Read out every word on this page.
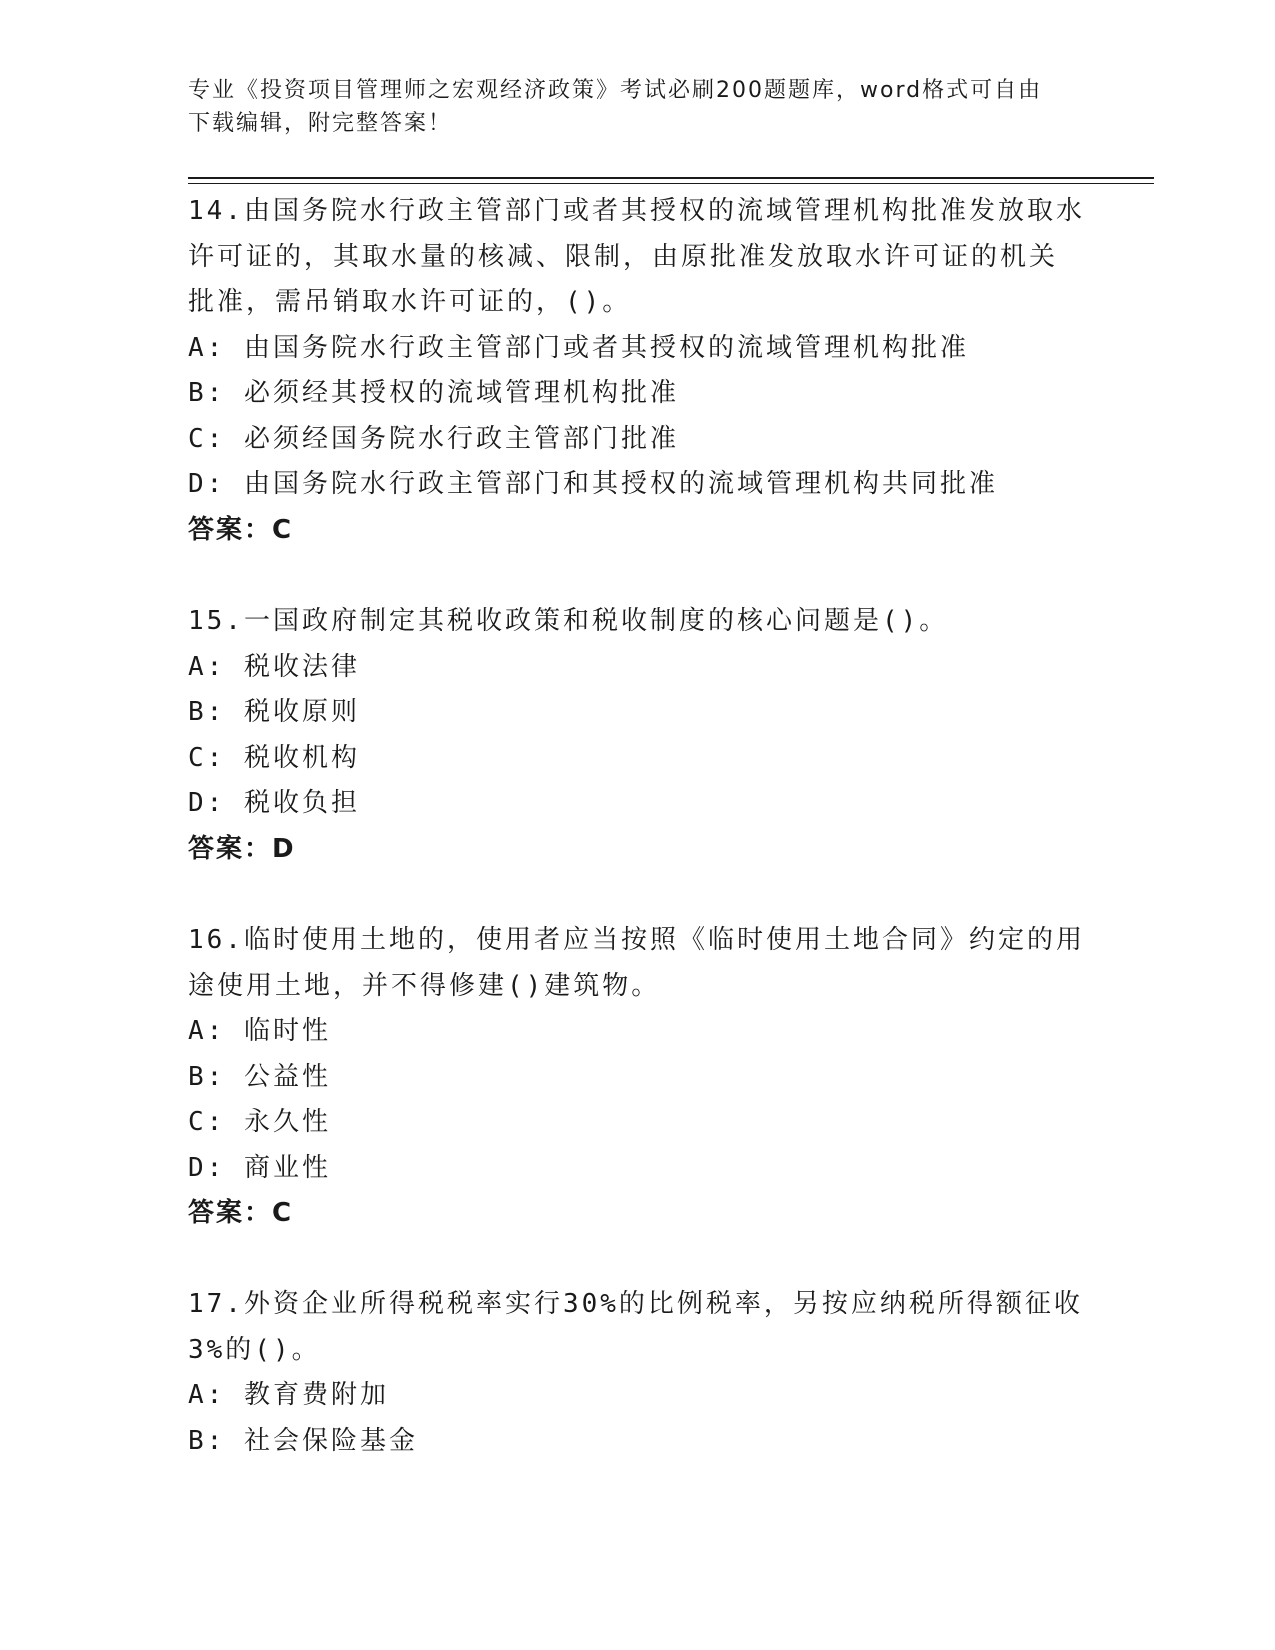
专业《投资项目管理师之宏观经济政策》考试必刷200题题库，word格式可自由
下载编辑，附完整答案！
14.由国务院水行政主管部门或者其授权的流域管理机构批准发放取水
许可证的，其取水量的核减、限制，由原批准发放取水许可证的机关
批准，需吊销取水许可证的，()。
A: 由国务院水行政主管部门或者其授权的流域管理机构批准
B: 必须经其授权的流域管理机构批准
C: 必须经国务院水行政主管部门批准
D: 由国务院水行政主管部门和其授权的流域管理机构共同批准
答案：C
15.一国政府制定其税收政策和税收制度的核心问题是()。
A: 税收法律
B: 税收原则
C: 税收机构
D: 税收负担
答案：D
16.临时使用土地的，使用者应当按照《临时使用土地合同》约定的用
途使用土地，并不得修建()建筑物。
A: 临时性
B: 公益性
C: 永久性
D: 商业性
答案：C
17.外资企业所得税税率实行30%的比例税率，另按应纳税所得额征收
3%的()。
A: 教育费附加
B: 社会保险基金
